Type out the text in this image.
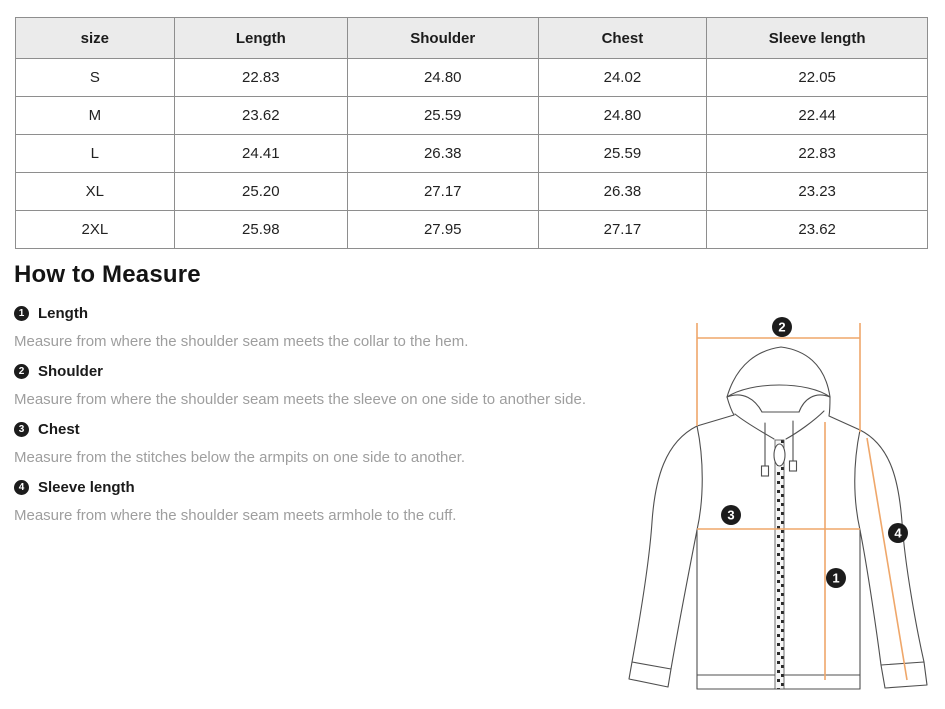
size	Length	Shoulder	Chest	Sleeve length
S	22.83	24.80	24.02	22.05
M	23.62	25.59	24.80	22.44
L	24.41	26.38	25.59	22.83
XL	25.20	27.17	26.38	23.23
2XL	25.98	27.95	27.17	23.62
How to Measure
1 Length
Measure from where the shoulder seam meets the collar to the hem.
2 Shoulder
Measure from where the shoulder seam meets the sleeve on one side to another side.
3 Chest
Measure from the stitches below the armpits on one side to another.
4 Sleeve length
Measure from where the shoulder seam meets armhole to the cuff.
2
3
1
4
